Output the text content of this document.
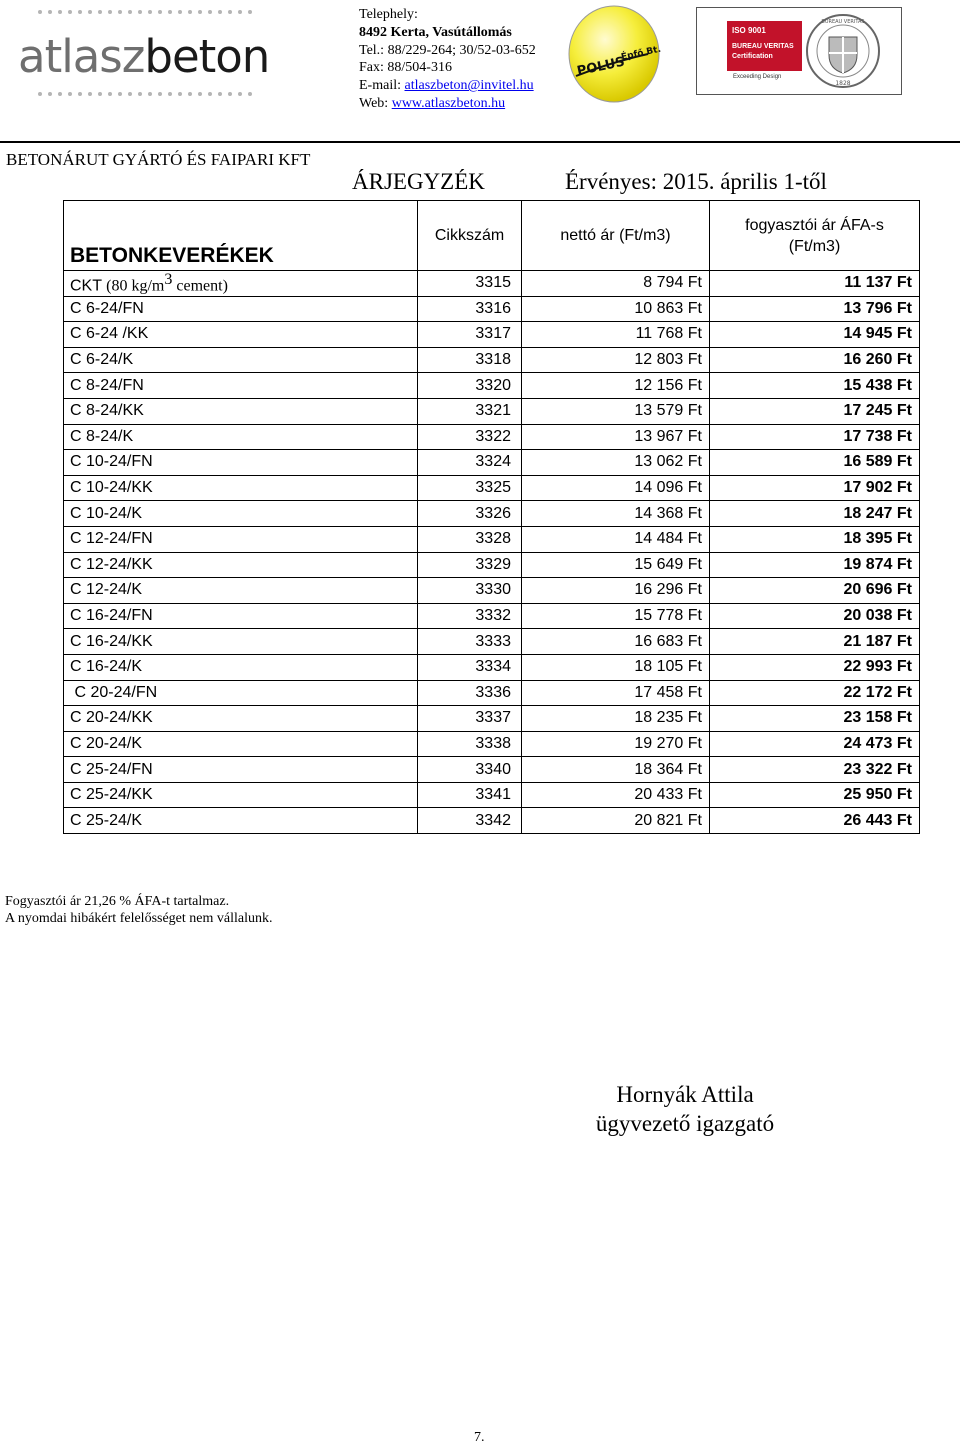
atlaszbeton
Telephely:
8492 Kerta, Vasútállomás
Tel.: 88/229-264; 30/52-03-652
Fax: 88/504-316
E-mail: atlaszbeton@invitel.hu
Web: www.atlaszbeton.hu
POLUS
Épfő Bt.
ISO 9001
BUREAU VERITAS
Certification
Exceeding Design
BUREAU VERITAS
1828
BETONÁRUT GYÁRTÓ ÉS FAIPARI KFT
ÁRJEGYZÉK	Érvényes: 2015. április 1-től
BETONKEVERÉKEK	Cikkszám	nettó ár (Ft/m3)	fogyasztói ár ÁFA-s
(Ft/m3)

CKT (80 $kg/m^3$ cement)	3315	8 794 Ft	11 137 Ft
C 6-24/FN	3316	10 863 Ft	13 796 Ft
C 6-24 /KK	3317	11 768 Ft	14 945 Ft
C 6-24/K	3318	12 803 Ft	16 260 Ft
C 8-24/FN	3320	12 156 Ft	15 438 Ft
C 8-24/KK	3321	13 579 Ft	17 245 Ft
C 8-24/K	3322	13 967 Ft	17 738 Ft
C 10-24/FN	3324	13 062 Ft	16 589 Ft
C 10-24/KK	3325	14 096 Ft	17 902 Ft
C 10-24/K	3326	14 368 Ft	18 247 Ft
C 12-24/FN	3328	14 484 Ft	18 395 Ft
C 12-24/KK	3329	15 649 Ft	19 874 Ft
C 12-24/K	3330	16 296 Ft	20 696 Ft
C 16-24/FN	3332	15 778 Ft	20 038 Ft
C 16-24/KK	3333	16 683 Ft	21 187 Ft
C 16-24/K	3334	18 105 Ft	22 993 Ft
C 20-24/FN	3336	17 458 Ft	22 172 Ft
C 20-24/KK	3337	18 235 Ft	23 158 Ft
C 20-24/K	3338	19 270 Ft	24 473 Ft
C 25-24/FN	3340	18 364 Ft	23 322 Ft
C 25-24/KK	3341	20 433 Ft	25 950 Ft
C 25-24/K	3342	20 821 Ft	26 443 Ft
Fogyasztói ár 21,26 % ÁFA-t tartalmaz.
A nyomdai hibákért felelősséget nem vállalunk.
Hornyák Attila
ügyvezető igazgató
7.
